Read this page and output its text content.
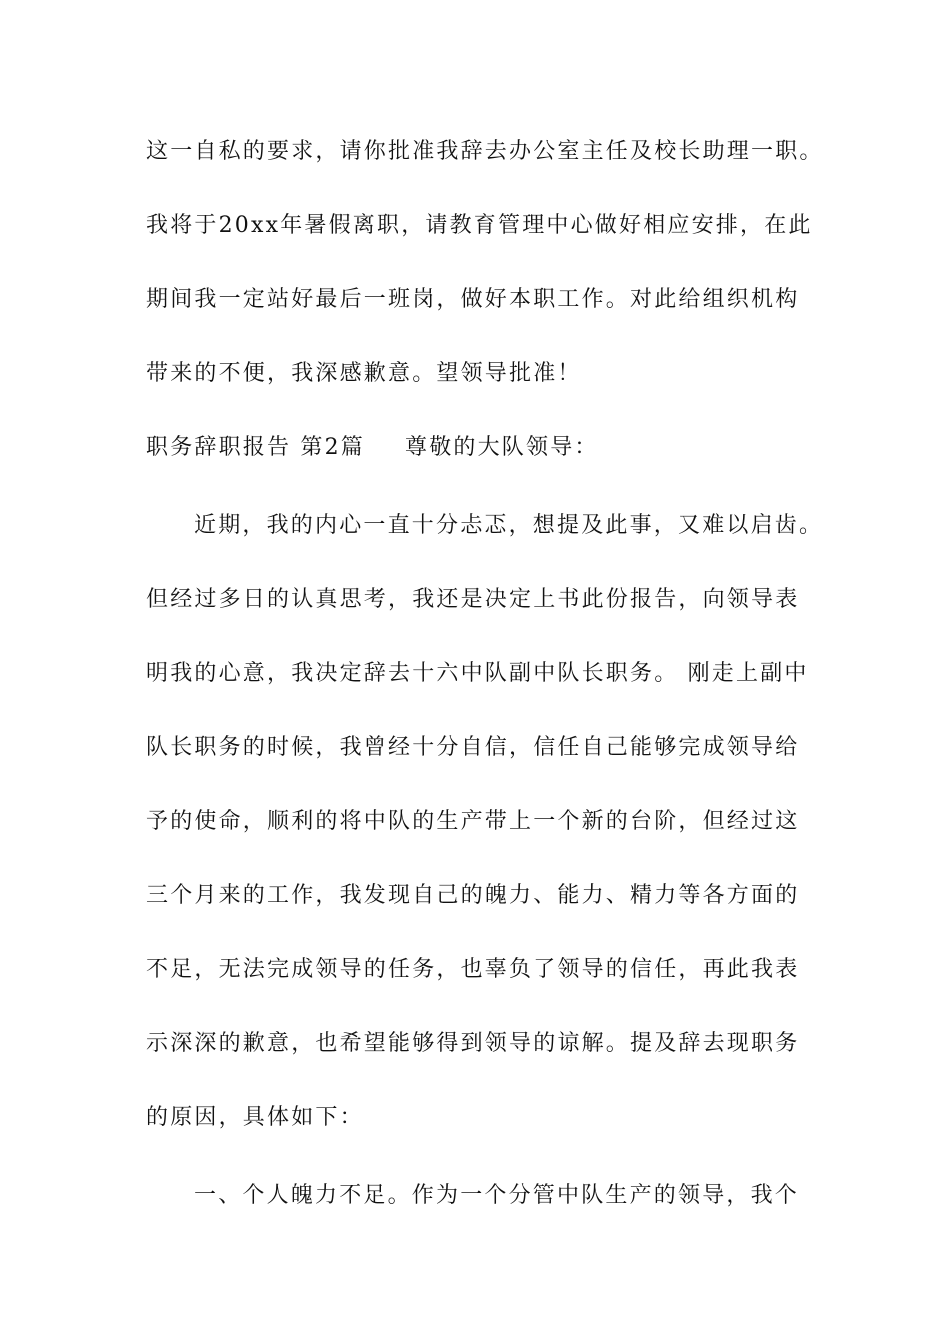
这一自私的要求，请你批准我辞去办公室主任及校长助理一职。
我将于20xx年暑假离职，请教育管理中心做好相应安排，在此
期间我一定站好最后一班岗，做好本职工作。对此给组织机构
带来的不便，我深感歉意。望领导批准！
职务辞职报告 第2篇 尊敬的大队领导：
近期，我的内心一直十分忐忑，想提及此事，又难以启齿。
但经过多日的认真思考，我还是决定上书此份报告，向领导表
明我的心意，我决定辞去十六中队副中队长职务。 刚走上副中
队长职务的时候，我曾经十分自信，信任自己能够完成领导给
予的使命，顺利的将中队的生产带上一个新的台阶，但经过这
三个月来的工作，我发现自己的魄力、能力、精力等各方面的
不足，无法完成领导的任务，也辜负了领导的信任，再此我表
示深深的歉意，也希望能够得到领导的谅解。提及辞去现职务
的原因，具体如下：
一、个人魄力不足。作为一个分管中队生产的领导，我个
